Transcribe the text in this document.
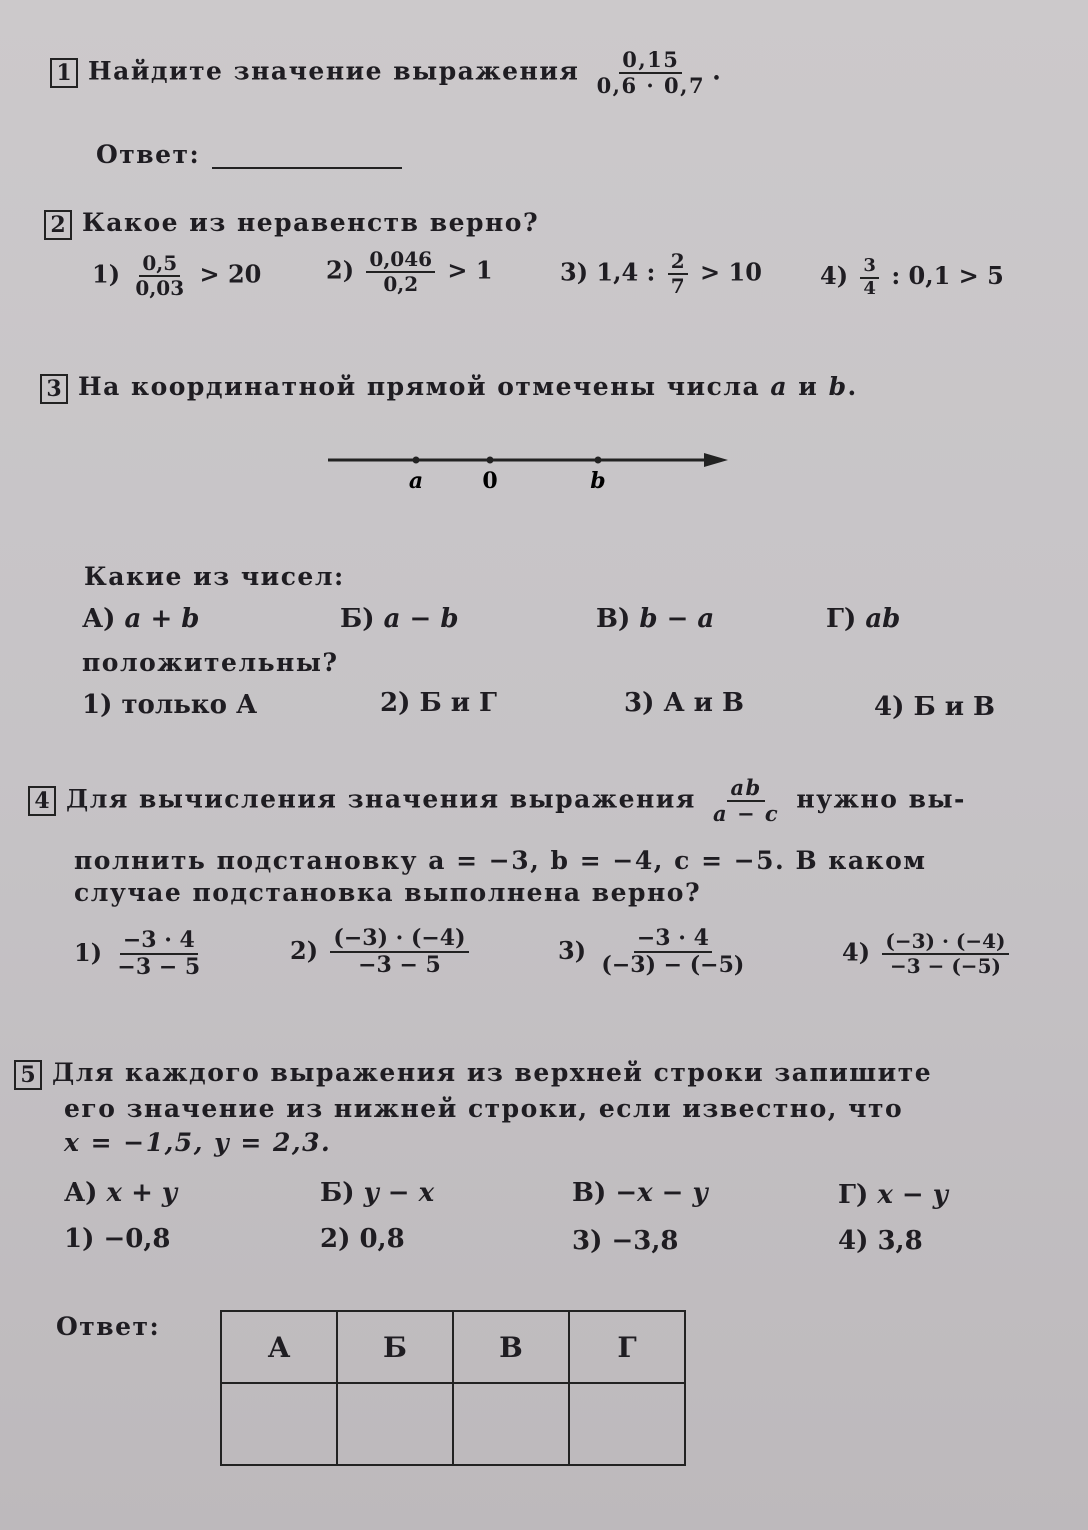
1 Найдите значение выражения $\frac{0,15}{0,6 \cdot 0,7}$ .
Ответ:
2 Какое из неравенств верно?
$1) \frac{0,5}{0,03} > 20$	$2) \frac{0,046}{0,2} > 1$	3) 1,4 : $\frac{2}{7} > 10$ $4) \frac{3}{4}$ : 0,1 > 5
3 На координатной прямой отмечены числа a и b.
a	0	b
Какие из чисел:
А) a + b	Б) a − b	В) b − a	Г) ab
положительны?
1) только А	2) Б и Г	3) А и В	4) Б и В
4 Для вычисления значения выражения $\frac{ab}{a - c}$ нужно вы-
полнить подстановку a = −3, b = −4, c = −5. В каком
случае подстановка выполнена верно?
$1) \frac{-3 \cdot 4}{-3 - 5}$	$2) \frac{(-3) \cdot (-4)}{-3 - 5}$	$3) \frac{-3 \cdot 4}{(-3) - (-5)}$	$4) \frac{(-3) \cdot (-4)}{-3 - (-5)}$
5 Для каждого выражения из верхней строки запишите
его значение из нижней строки, если известно, что
x = −1,5, y = 2,3.
А) x + y	Б) y − x	В) −x − y	Г) x − y
1) −0,8	2) 0,8	3) −3,8	4) 3,8
Ответ:
А	Б	В	Г
